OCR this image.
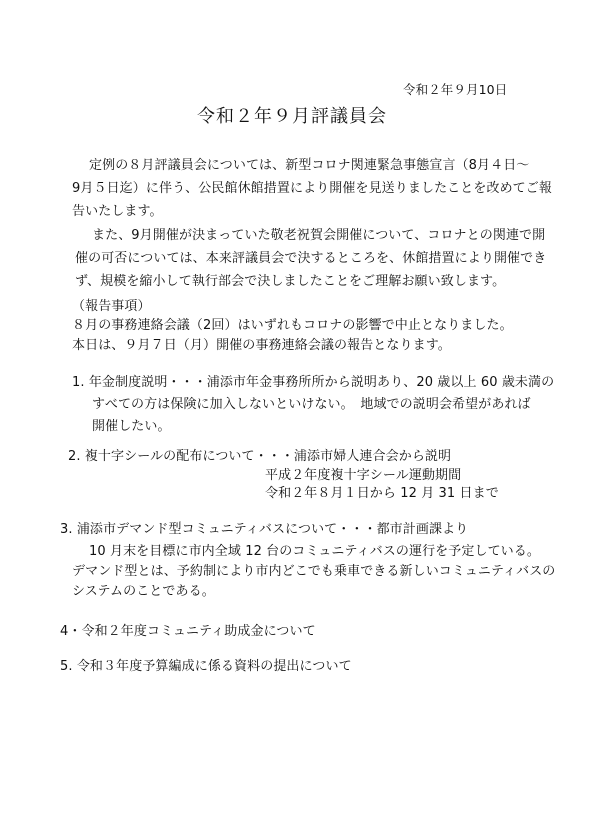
令和２年９月10日
令和２年９月評議員会
定例の８月評議員会については、新型コロナ関連緊急事態宣言（8月４日～
9月５日迄）に伴う、公民館休館措置により開催を見送りましたことを改めてご報
告いたします。
また、9月開催が決まっていた敬老祝賀会開催について、コロナとの関連で開
催の可否については、本来評議員会で決するところを、休館措置により開催でき
ず、規模を縮小して執行部会で決しましたことをご理解お願い致します。
（報告事項）
８月の事務連絡会議（2回）はいずれもコロナの影響で中止となりました。
本日は、９月７日（月）開催の事務連絡会議の報告となります。
1. 年金制度説明・・・浦添市年金事務所所から説明あり、20 歳以上 60 歳未満の
すべての方は保険に加入しないといけない。　地域での説明会希望があれば
開催したい。
2. 複十字シールの配布について・・・浦添市婦人連合会から説明
平成２年度複十字シール運動期間
令和２年８月１日から 12 月 31 日まで
3. 浦添市デマンド型コミュニティバスについて・・・都市計画課より
10 月末を目標に市内全域 12 台のコミュニティバスの運行を予定している。
デマンド型とは、予約制により市内どこでも乗車できる新しいコミュニティバスの
システムのことである。
4・令和２年度コミュニティ助成金について
5. 令和３年度予算編成に係る資料の提出について
